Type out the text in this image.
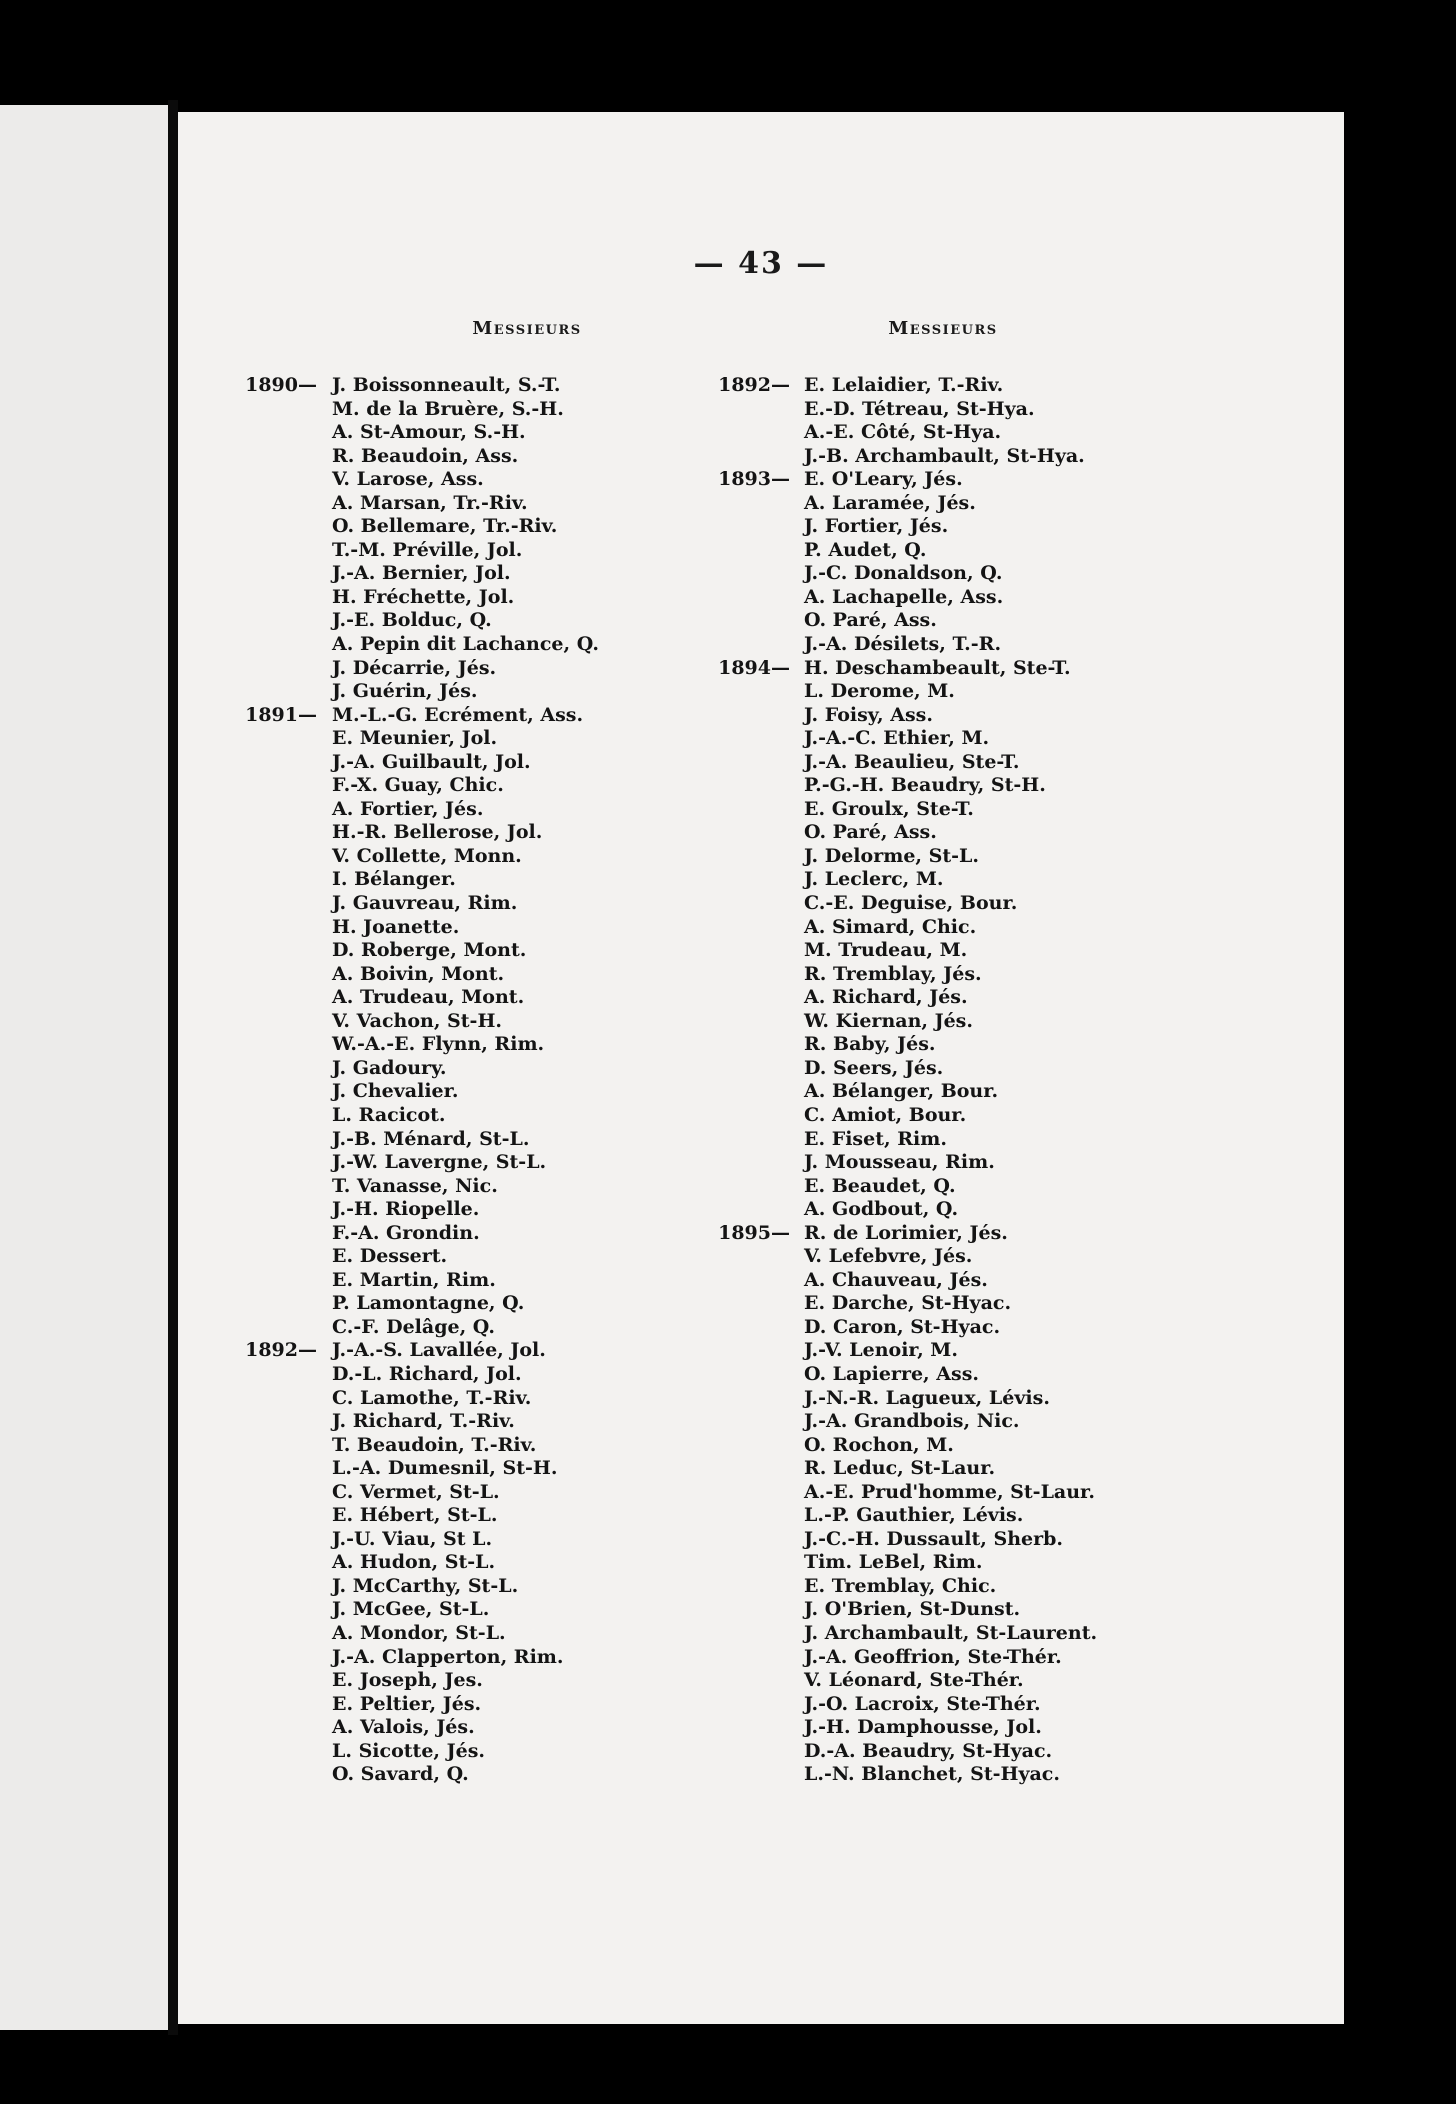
— 43 —
Messieurs	Messieurs
1890— J. Boissonneault, S.-T.
M. de la Bruère, S.-H.
A. St-Amour, S.-H.
R. Beaudoin, Ass.
V. Larose, Ass.
A. Marsan, Tr.-Riv.
O. Bellemare, Tr.-Riv.
T.-M. Préville, Jol.
J.-A. Bernier, Jol.
H. Fréchette, Jol.
J.-E. Bolduc, Q.
A. Pepin dit Lachance, Q.
J. Décarrie, Jés.
J. Guérin, Jés.
1891— M.-L.-G. Ecrément, Ass.
E. Meunier, Jol.
J.-A. Guilbault, Jol.
F.-X. Guay, Chic.
A. Fortier, Jés.
H.-R. Bellerose, Jol.
V. Collette, Monn.
I. Bélanger.
J. Gauvreau, Rim.
H. Joanette.
D. Roberge, Mont.
A. Boivin, Mont.
A. Trudeau, Mont.
V. Vachon, St-H.
W.-A.-E. Flynn, Rim.
J. Gadoury.
J. Chevalier.
L. Racicot.
J.-B. Ménard, St-L.
J.-W. Lavergne, St-L.
T. Vanasse, Nic.
J.-H. Riopelle.
F.-A. Grondin.
E. Dessert.
E. Martin, Rim.
P. Lamontagne, Q.
C.-F. Delâge, Q.
1892— J.-A.-S. Lavallée, Jol.
D.-L. Richard, Jol.
C. Lamothe, T.-Riv.
J. Richard, T.-Riv.
T. Beaudoin, T.-Riv.
L.-A. Dumesnil, St-H.
C. Vermet, St-L.
E. Hébert, St-L.
J.-U. Viau, St L.
A. Hudon, St-L.
J. McCarthy, St-L.
J. McGee, St-L.
A. Mondor, St-L.
J.-A. Clapperton, Rim.
E. Joseph, Jes.
E. Peltier, Jés.
A. Valois, Jés.
L. Sicotte, Jés.
O. Savard, Q.
1892— E. Lelaidier, T.-Riv.
E.-D. Tétreau, St-Hya.
A.-E. Côté, St-Hya.
J.-B. Archambault, St-Hya.
1893— E. O'Leary, Jés.
A. Laramée, Jés.
J. Fortier, Jés.
P. Audet, Q.
J.-C. Donaldson, Q.
A. Lachapelle, Ass.
O. Paré, Ass.
J.-A. Désilets, T.-R.
1894— H. Deschambeault, Ste-T.
L. Derome, M.
J. Foisy, Ass.
J.-A.-C. Ethier, M.
J.-A. Beaulieu, Ste-T.
P.-G.-H. Beaudry, St-H.
E. Groulx, Ste-T.
O. Paré, Ass.
J. Delorme, St-L.
J. Leclerc, M.
C.-E. Deguise, Bour.
A. Simard, Chic.
M. Trudeau, M.
R. Tremblay, Jés.
A. Richard, Jés.
W. Kiernan, Jés.
R. Baby, Jés.
D. Seers, Jés.
A. Bélanger, Bour.
C. Amiot, Bour.
E. Fiset, Rim.
J. Mousseau, Rim.
E. Beaudet, Q.
A. Godbout, Q.
1895— R. de Lorimier, Jés.
V. Lefebvre, Jés.
A. Chauveau, Jés.
E. Darche, St-Hyac.
D. Caron, St-Hyac.
J.-V. Lenoir, M.
O. Lapierre, Ass.
J.-N.-R. Lagueux, Lévis.
J.-A. Grandbois, Nic.
O. Rochon, M.
R. Leduc, St-Laur.
A.-E. Prud'homme, St-Laur.
L.-P. Gauthier, Lévis.
J.-C.-H. Dussault, Sherb.
Tim. LeBel, Rim.
E. Tremblay, Chic.
J. O'Brien, St-Dunst.
J. Archambault, St-Laurent.
J.-A. Geoffrion, Ste-Thér.
V. Léonard, Ste-Thér.
J.-O. Lacroix, Ste-Thér.
J.-H. Damphousse, Jol.
D.-A. Beaudry, St-Hyac.
L.-N. Blanchet, St-Hyac.
